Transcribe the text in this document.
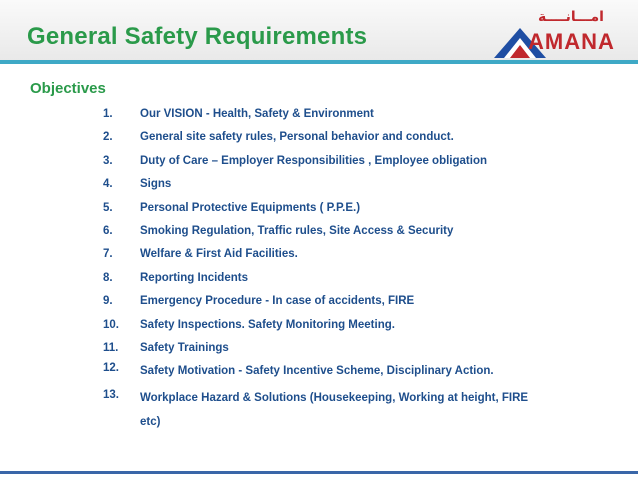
General Safety Requirements
امـــانــــة
AMANA
Objectives
1.	Our VISION - Health, Safety & Environment
2.	General site safety rules, Personal behavior and conduct.
3.	Duty of Care – Employer Responsibilities , Employee obligation
4.	Signs
5.	Personal Protective Equipments ( P.P.E.)
6.	Smoking Regulation, Traffic rules, Site Access & Security
7.	Welfare & First Aid Facilities.
8.	Reporting Incidents
9.	Emergency Procedure - In case of accidents, FIRE
10.	Safety Inspections. Safety Monitoring Meeting.
11.	Safety Trainings
12.	Safety Motivation - Safety Incentive Scheme, Disciplinary Action.
13.	Workplace Hazard & Solutions (Housekeeping, Working at height, FIRE etc)
